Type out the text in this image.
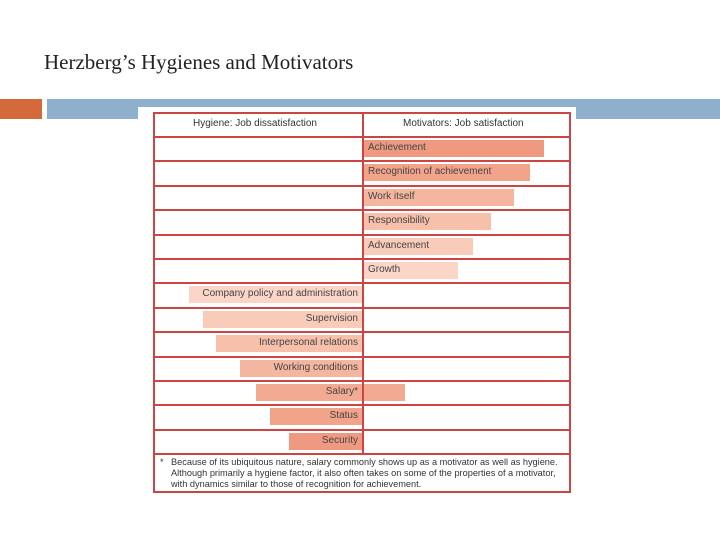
Herzberg’s Hygienes and Motivators
Hygiene: Job dissatisfaction	Motivators: Job satisfaction
Achievement
Recognition of achievement
Work itself
Responsibility
Advancement
Growth
Company policy and administration
Supervision
Interpersonal relations
Working conditions
Salary*
Status
Security
* Because of its ubiquitous nature, salary commonly shows up as a motivator as well as hygiene. Although primarily a hygiene factor, it also often takes on some of the properties of a motivator, with dynamics similar to those of recognition for achievement.
